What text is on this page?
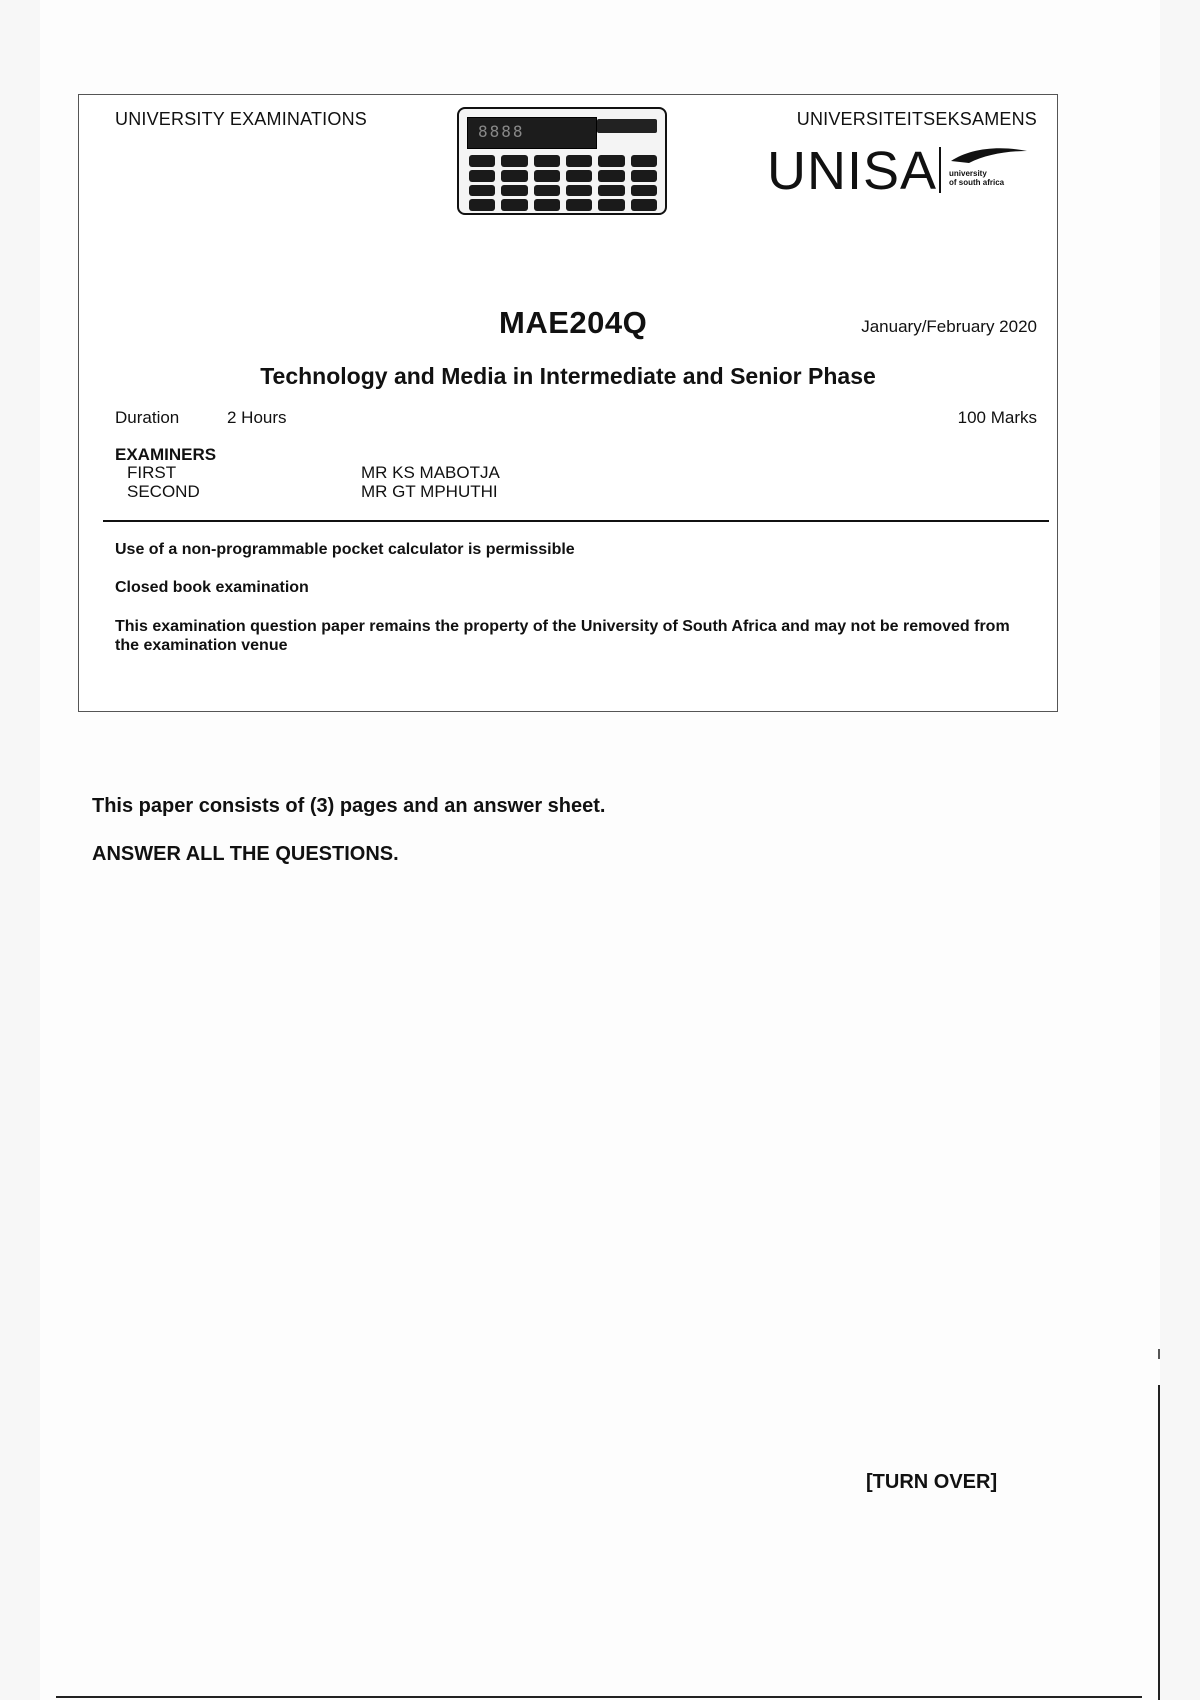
UNIVERSITY EXAMINATIONS	UNIVERSITEITSEKSAMENS
8888
UNISA university
of south africa
MAE204Q	January/February 2020
Technology and Media in Intermediate and Senior Phase
Duration	2 Hours	100 Marks
EXAMINERS
FIRST	MR KS MABOTJA
SECOND	MR GT MPHUTHI
Use of a non-programmable pocket calculator is permissible
Closed book examination
This examination question paper remains the property of the University of South Africa and may not be removed from the examination venue
This paper consists of (3) pages and an answer sheet.
ANSWER ALL THE QUESTIONS.
[TURN OVER]
